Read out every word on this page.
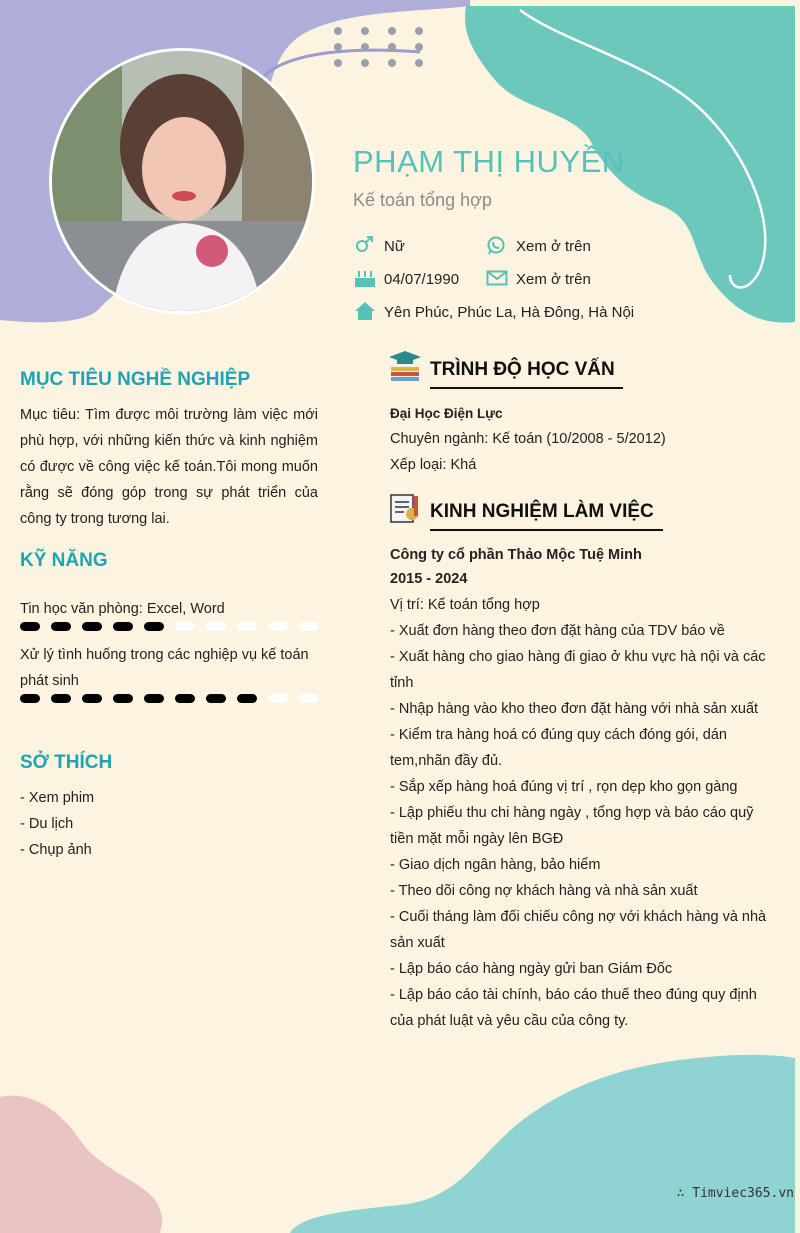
PHẠM THỊ HUYỀN
Kế toán tổng hợp
Nữ	Xem ở trên
04/07/1990	Xem ở trên
Yên Phúc, Phúc La, Hà Đông, Hà Nội
MỤC TIÊU NGHỀ NGHIỆP
Mục tiêu: Tìm được môi trường làm việc mới phù hợp, với những kiến thức và kinh nghiệm có được về công việc kế toán.Tôi mong muốn rằng sẽ đóng góp trong sự phát triển của công ty trong tương lai.
KỸ NĂNG
Tin học văn phòng: Excel, Word
Xử lý tình huống trong các nghiệp vụ kế toán phát sinh
SỞ THÍCH
- Xem phim
- Du lịch
- Chụp ảnh
TRÌNH ĐỘ HỌC VẤN
Đại Học Điện Lực
Chuyên ngành: Kế toán (10/2008 - 5/2012)
Xếp loại: Khá
KINH NGHIỆM LÀM VIỆC
Công ty cổ phần Thảo Mộc Tuệ Minh
2015 - 2024
Vị trí: Kế toán tổng hợp
- Xuất đơn hàng theo đơn đặt hàng của TDV báo về
- Xuất hàng cho giao hàng đi giao ở khu vực hà nội và các tỉnh
- Nhập hàng vào kho theo đơn đặt hàng với nhà sản xuất
- Kiểm tra hàng hoá có đúng quy cách đóng gói, dán tem,nhãn đầy đủ.
- Sắp xếp hàng hoá đúng vị trí , rọn dẹp kho gọn gàng
- Lập phiếu thu chi hàng ngày , tổng hợp và báo cáo quỹ tiền mặt mỗi ngày lên BGĐ
- Giao dịch ngân hàng, bảo hiểm
- Theo dõi công nợ khách hàng và nhà sản xuất
- Cuối tháng làm đối chiếu công nợ với khách hàng và nhà sản xuất
- Lập báo cáo hàng ngày gửi ban Giám Đốc
- Lập báo cáo tài chính, báo cáo thuế theo đúng quy định của phát luật và yêu cầu của công ty.
∴ Timviec365.vn
